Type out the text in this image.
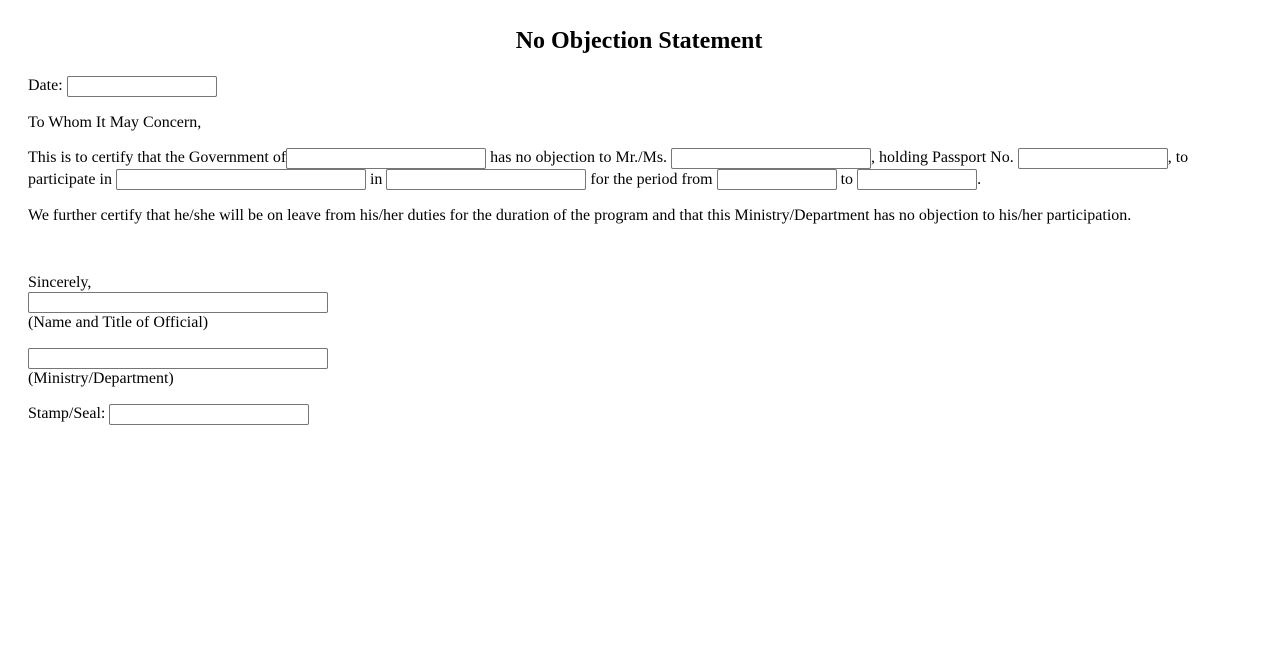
No Objection Statement

Date:

To Whom It May Concern,

This is to certify that the Government of	has no objection to Mr./Ms.	, holding Passport No.	, to participate in	in	for the period from	to	.

We further certify that he/she will be on leave from his/her duties for the duration of the program and that this Ministry/Department has no objection to his/her participation.

Sincerely,
(Name and Title of Official)
(Ministry/Department)

Stamp/Seal:
